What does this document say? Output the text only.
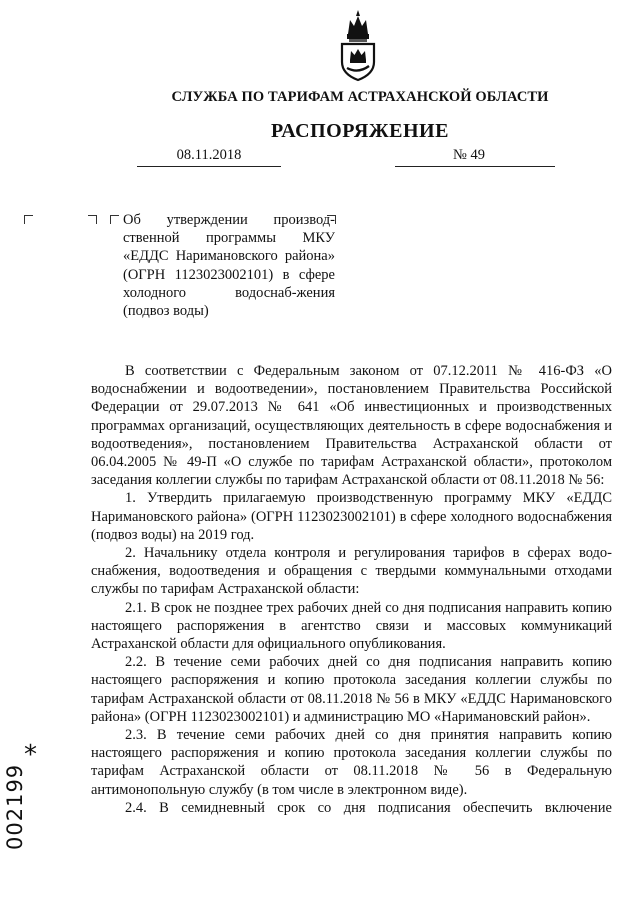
СЛУЖБА ПО ТАРИФАМ АСТРАХАНСКОЙ ОБЛАСТИ
РАСПОРЯЖЕНИЕ
08.11.2018	№ 49
Об утверждении производ-ственной программы МКУ «ЕДДС Наримановского района» (ОГРН 1123023002101) в сфере холодного водоснаб-жения (подвоз воды)

В соответствии с Федеральным законом от 07.12.2011 № 416-ФЗ «О водоснабжении и водоотведении», постановлением Правительства Российской Федерации от 29.07.2013 № 641 «Об инвестиционных и производственных программах организаций, осуществляющих деятельность в сфере водоснабжения и водоотведения», постановлением Правительства Астраханской области от 06.04.2005 № 49-П «О службе по тарифам Астраханской области», протоколом заседания коллегии службы по тарифам Астраханской области от 08.11.2018 № 56:

1. Утвердить прилагаемую производственную программу МКУ «ЕДДС Наримановского района» (ОГРН 1123023002101) в сфере холодного водоснабжения (подвоз воды) на 2019 год.

2. Начальнику отдела контроля и регулирования тарифов в сферах водо-снабжения, водоотведения и обращения с твердыми коммунальными отходами службы по тарифам Астраханской области:

2.1. В срок не позднее трех рабочих дней со дня подписания направить копию настоящего распоряжения в агентство связи и массовых коммуникаций Астраханской области для официального опубликования.

2.2. В течение семи рабочих дней со дня подписания направить копию настоящего распоряжения и копию протокола заседания коллегии службы по тарифам Астраханской области от 08.11.2018 № 56 в МКУ «ЕДДС Наримановского района» (ОГРН 1123023002101) и администрацию МО «Наримановский район».

2.3. В течение семи рабочих дней со дня принятия направить копию настоящего распоряжения и копию протокола заседания коллегии службы по тарифам Астраханской области от 08.11.2018 № 56 в Федеральную антимонопольную службу (в том числе в электронном виде).

2.4. В семидневный срок со дня подписания обеспечить включение

*
002199
